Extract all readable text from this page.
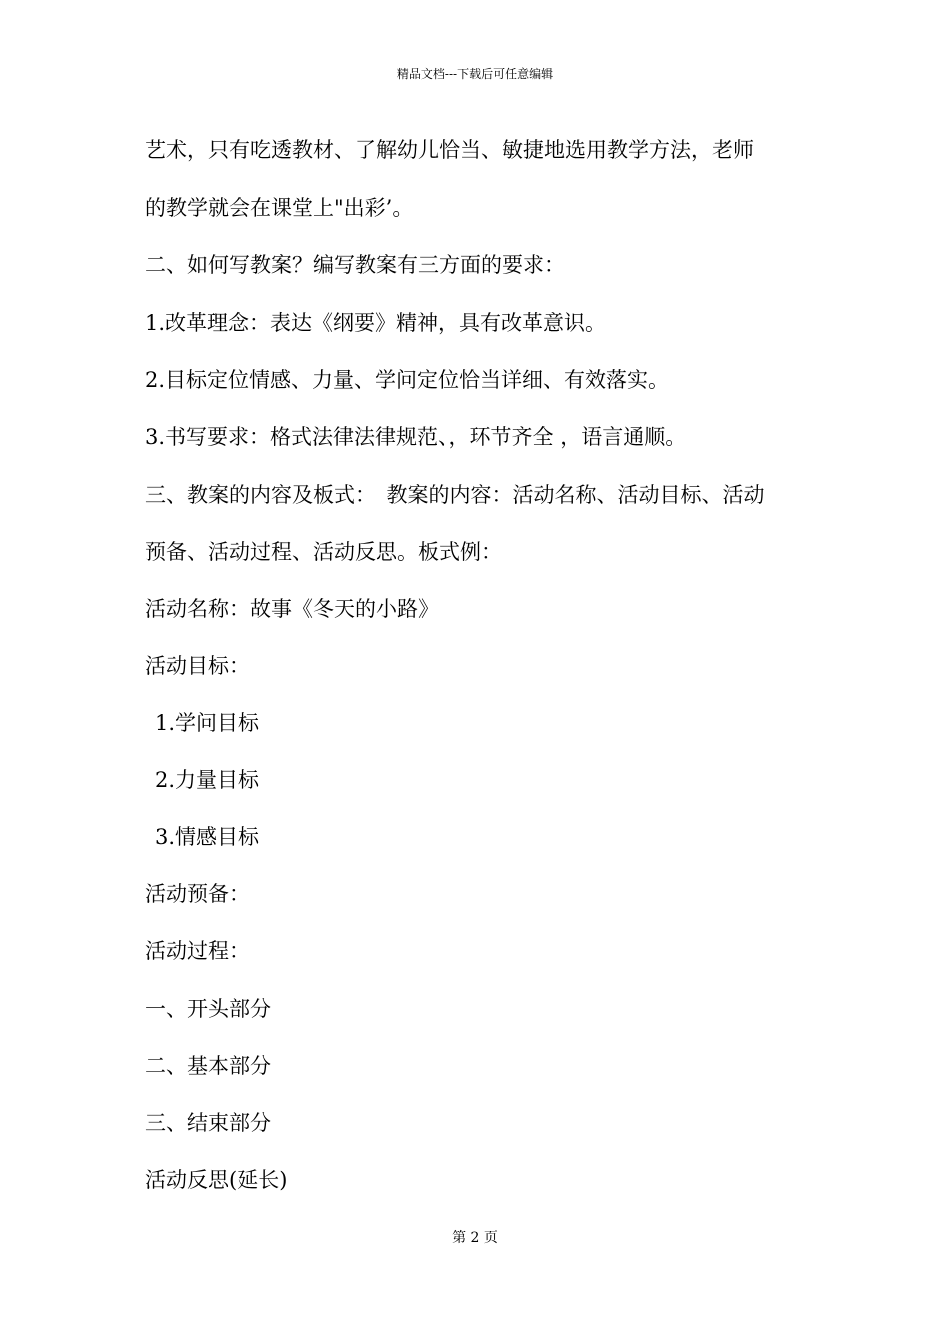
精品文档---下载后可任意编辑
艺术，只有吃透教材、了解幼儿恰当、敏捷地选用教学方法，老师
的教学就会在课堂上"出彩’。
二、如何写教案？编写教案有三方面的要求：
1.改革理念：表达《纲要》精神，具有改革意识。
2.目标定位情感、力量、学问定位恰当详细、有效落实。
3.书写要求：格式法律法律规范、，环节齐全 ，语言通顺。
三、教案的内容及板式：　教案的内容：活动名称、活动目标、活动
预备、活动过程、活动反思。板式例：
活动名称：故事《冬天的小路》
活动目标：
1.学问目标
2.力量目标
3.情感目标
活动预备：
活动过程：
一、开头部分
二、基本部分
三、结束部分
活动反思(延长)
第 2 页
